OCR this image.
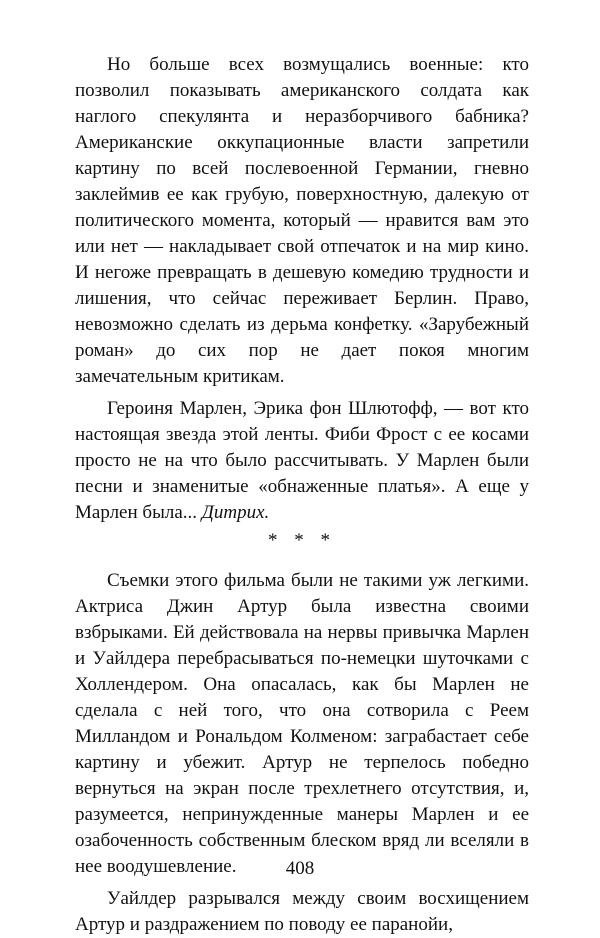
Но больше всех возмущались военные: кто позволил показывать американского солдата как наглого спекулянта и неразборчивого бабника? Американские оккупационные власти запретили картину по всей послевоенной Германии, гневно заклеймив ее как грубую, поверхностную, далекую от политического момента, который — нравится вам это или нет — накладывает свой отпечаток и на мир кино. И негоже превращать в дешевую комедию трудности и лишения, что сейчас переживает Берлин. Право, невозможно сделать из дерьма конфетку. «Зарубежный роман» до сих пор не дает покоя многим замечательным критикам.

Героиня Марлен, Эрика фон Шлютофф, — вот кто настоящая звезда этой ленты. Фиби Фрост с ее косами просто не на что было рассчитывать. У Марлен были песни и знаменитые «обнаженные платья». А еще у Марлен была... Дитрих.

* * *

Съемки этого фильма были не такими уж легкими. Актриса Джин Артур была известна своими взбрыками. Ей действовала на нервы привычка Марлен и Уайлдера перебрасываться по-немецки шуточками с Холлендером. Она опасалась, как бы Марлен не сделала с ней того, что она сотворила с Реем Милландом и Рональдом Колменом: заграбастает себе картину и убежит. Артур не терпелось победно вернуться на экран после трехлетнего отсутствия, и, разумеется, непринужденные манеры Марлен и ее озабоченность собственным блеском вряд ли вселяли в нее воодушевление.

Уайлдер разрывался между своим восхищением Артур и раздражением по поводу ее паранойи,

408
